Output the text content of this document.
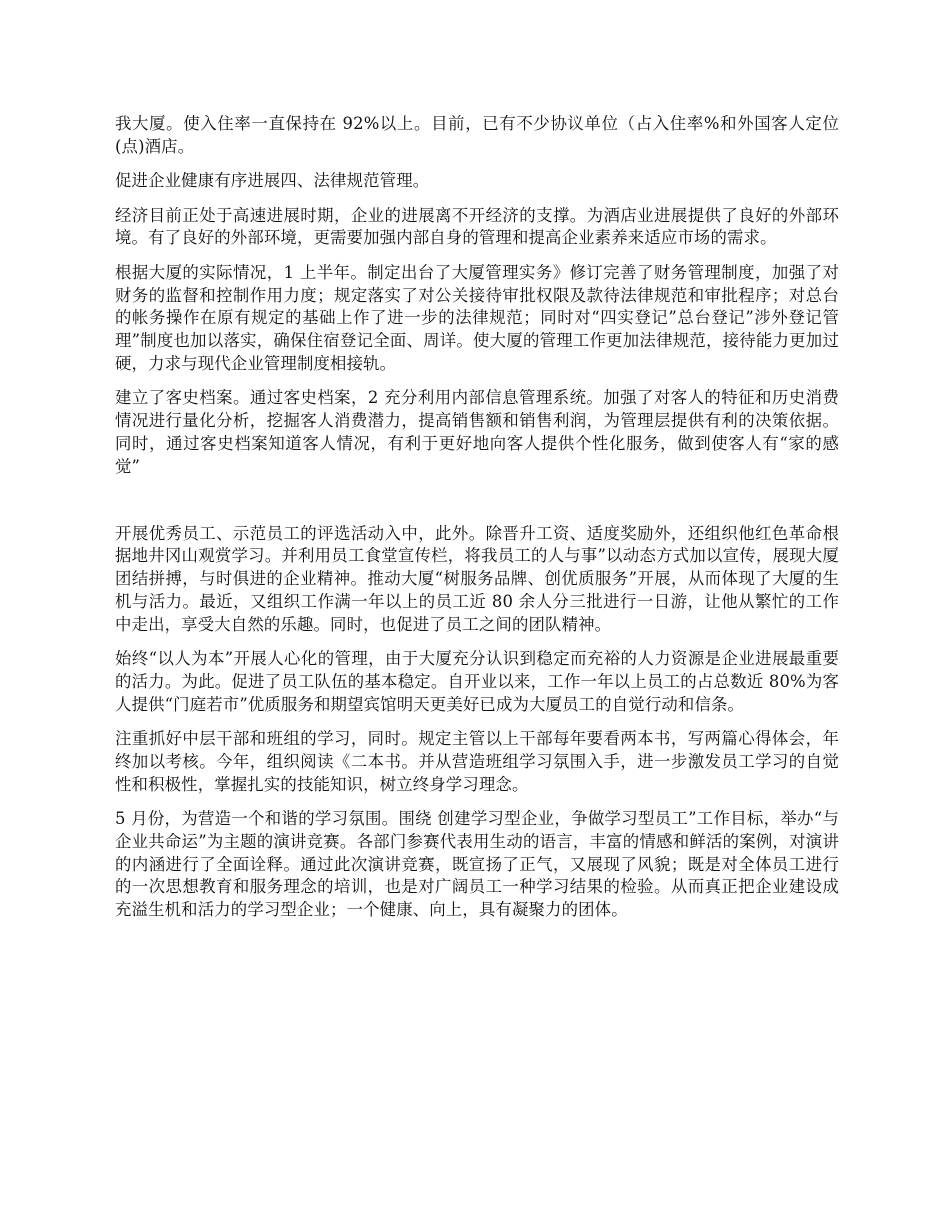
我大厦。使入住率一直保持在 92%以上。目前，已有不少协议单位（占入住率%和外国客人定位(点)酒店。

促进企业健康有序进展四、法律规范管理。

经济目前正处于高速进展时期，企业的进展离不开经济的支撑。为酒店业进展提供了良好的外部环境。有了良好的外部环境，更需要加强内部自身的管理和提高企业素养来适应市场的需求。

根据大厦的实际情况，1 上半年。制定出台了大厦管理实务》修订完善了财务管理制度，加强了对财务的监督和控制作用力度；规定落实了对公关接待审批权限及款待法律规范和审批程序；对总台的帐务操作在原有规定的基础上作了进一步的法律规范；同时对“四实登记”总台登记”涉外登记管理”制度也加以落实，确保住宿登记全面、周详。使大厦的管理工作更加法律规范，接待能力更加过硬，力求与现代企业管理制度相接轨。

建立了客史档案。通过客史档案，2 充分利用内部信息管理系统。加强了对客人的特征和历史消费情况进行量化分析，挖掘客人消费潜力，提高销售额和销售利润，为管理层提供有利的决策依据。同时，通过客史档案知道客人情况，有利于更好地向客人提供个性化服务，做到使客人有“家的感觉”

开展优秀员工、示范员工的评选活动入中，此外。除晋升工资、适度奖励外，还组织他红色革命根据地井冈山观赏学习。并利用员工食堂宣传栏，将我员工的人与事”以动态方式加以宣传，展现大厦团结拼搏，与时俱进的企业精神。推动大厦“树服务品牌、创优质服务”开展，从而体现了大厦的生机与活力。最近，又组织工作满一年以上的员工近 80 余人分三批进行一日游，让他从繁忙的工作中走出，享受大自然的乐趣。同时，也促进了员工之间的团队精神。

始终“以人为本”开展人心化的管理，由于大厦充分认识到稳定而充裕的人力资源是企业进展最重要的活力。为此。促进了员工队伍的基本稳定。自开业以来，工作一年以上员工的占总数近 80%为客人提供“门庭若市”优质服务和期望宾馆明天更美好已成为大厦员工的自觉行动和信条。

注重抓好中层干部和班组的学习，同时。规定主管以上干部每年要看两本书，写两篇心得体会，年终加以考核。今年，组织阅读《二本书。并从营造班组学习氛围入手，进一步激发员工学习的自觉性和积极性，掌握扎实的技能知识，树立终身学习理念。

5 月份，为营造一个和谐的学习氛围。围绕 创建学习型企业，争做学习型员工”工作目标，举办“与企业共命运”为主题的演讲竞赛。各部门参赛代表用生动的语言，丰富的情感和鲜活的案例，对演讲的内涵进行了全面诠释。通过此次演讲竞赛，既宣扬了正气，又展现了风貌；既是对全体员工进行的一次思想教育和服务理念的培训，也是对广阔员工一种学习结果的检验。从而真正把企业建设成充溢生机和活力的学习型企业；一个健康、向上，具有凝聚力的团体。
